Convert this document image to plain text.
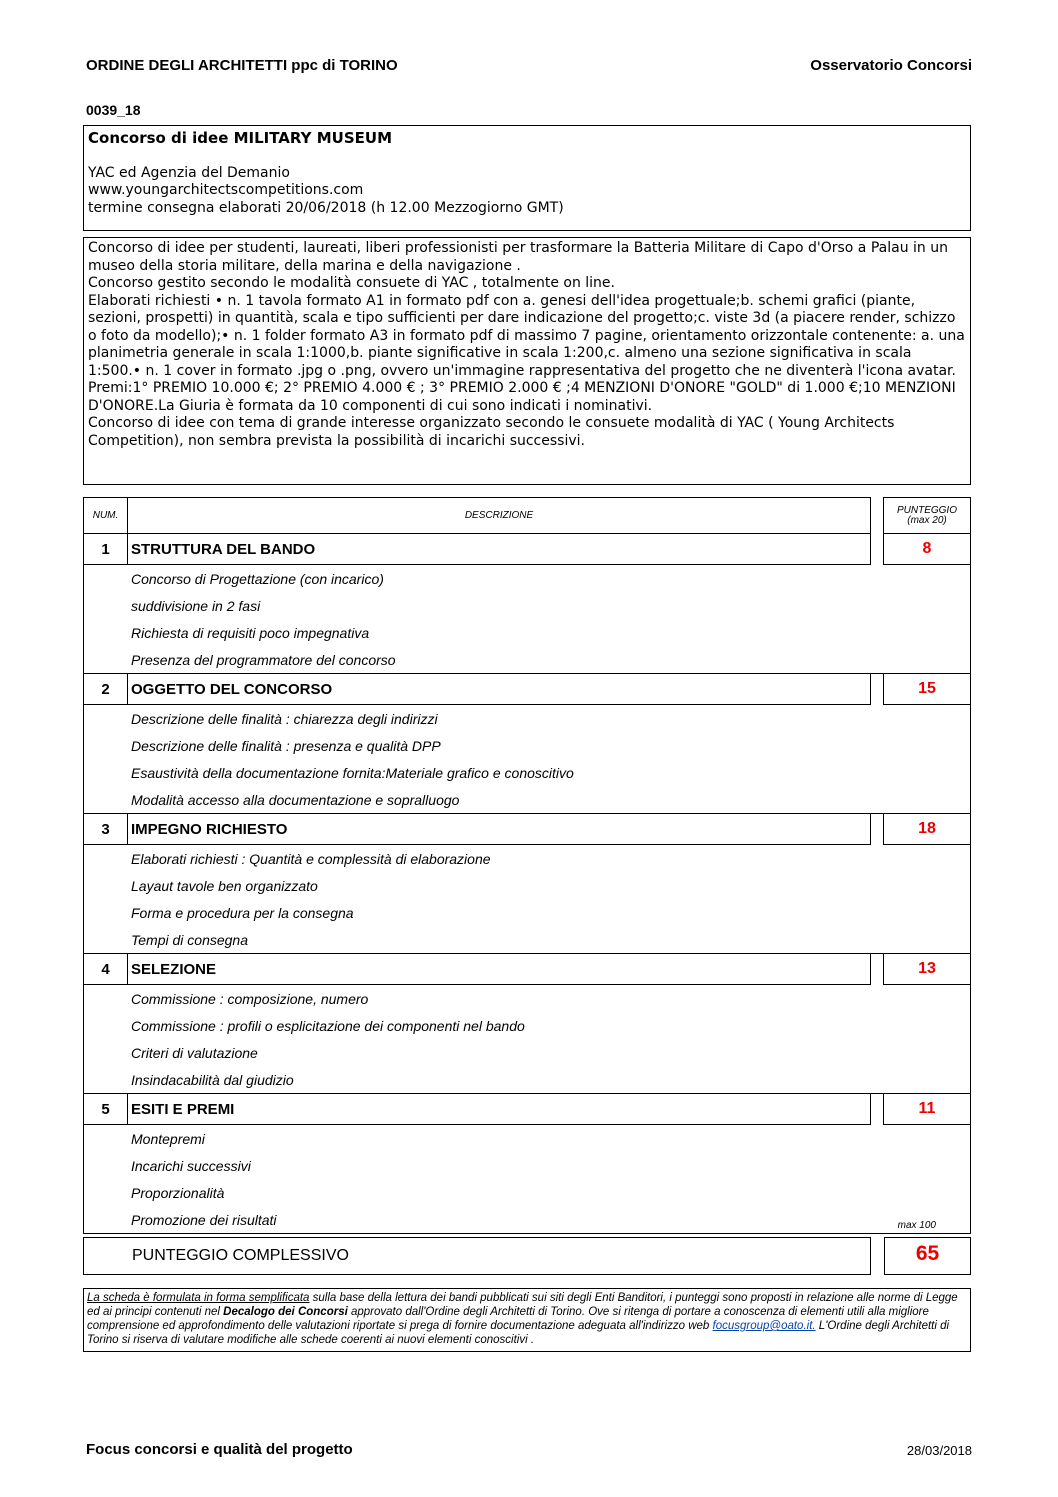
ORDINE DEGLI ARCHITETTI ppc di TORINO	Osservatorio Concorsi
0039_18
Concorso di idee MILITARY MUSEUM
YAC ed Agenzia del Demanio
www.youngarchitectscompetitions.com
termine consegna elaborati 20/06/2018 (h 12.00 Mezzogiorno GMT)

Concorso di idee per studenti, laureati, liberi professionisti per trasformare la Batteria Militare di Capo d'Orso a Palau in un museo della storia militare, della marina e della navigazione .

Concorso gestito secondo le modalità consuete di YAC , totalmente on line.

Elaborati richiesti • n. 1 tavola formato A1 in formato pdf con a. genesi dell'idea progettuale;b. schemi grafici (piante, sezioni, prospetti) in quantità, scala e tipo sufficienti per dare indicazione del progetto;c. viste 3d (a piacere render, schizzo o foto da modello);• n. 1 folder formato A3 in formato pdf di massimo 7 pagine, orientamento orizzontale contenente: a. una planimetria generale in scala 1:1000,b. piante significative in scala 1:200,c. almeno una sezione significativa in scala 1:500.• n. 1 cover in formato .jpg o .png, ovvero un'immagine rappresentativa del progetto che ne diventerà l'icona avatar.

Premi:1° PREMIO 10.000 €; 2° PREMIO 4.000 € ; 3° PREMIO 2.000 € ;4 MENZIONI D'ONORE "GOLD" di 1.000 €;10 MENZIONI D'ONORE.La Giuria è formata da 10 componenti di cui sono indicati i nominativi.

Concorso di idee con tema di grande interesse organizzato secondo le consuete modalità di YAC ( Young Architects Competition), non sembra prevista la possibilità di incarichi successivi.

NUM.	DESCRIZIONE		PUNTEGGIO
(max 20)
1	STRUTTURA DEL BANDO		8
Concorso di Progettazione (con incarico)			
suddivisione in 2 fasi			
Richiesta di requisiti poco impegnativa			
Presenza del programmatore del concorso			
2	OGGETTO DEL CONCORSO		15
Descrizione delle finalità : chiarezza degli indirizzi			
Descrizione delle finalità : presenza e qualità DPP			
Esaustività della documentazione fornita:Materiale grafico e conoscitivo			
Modalità accesso alla documentazione e sopralluogo			
3	IMPEGNO RICHIESTO		18
Elaborati richiesti : Quantità e complessità di elaborazione			
Layaut tavole ben organizzato			
Forma e procedura per la consegna			
Tempi di consegna			
4	SELEZIONE		13
Commissione : composizione, numero			
Commissione : profili o esplicitazione dei componenti nel bando			
Criteri di valutazione			
Insindacabilità dal giudizio			
5	ESITI E PREMI		11
Montepremi			
Incarichi successivi			
Proporzionalità			
Promozione dei risultati				max 100
PUNTEGGIO COMPLESSIVO	65
La scheda è formulata in forma semplificata sulla base della lettura dei bandi pubblicati sui siti degli Enti Banditori, i punteggi sono proposti in relazione alle norme di Legge ed ai principi contenuti nel Decalogo dei Concorsi approvato dall'Ordine degli Architetti di Torino. Ove si ritenga di portare a conoscenza di elementi utili alla migliore comprensione ed approfondimento delle valutazioni riportate si prega di fornire documentazione adeguata all'indirizzo web focusgroup@oato.it. L'Ordine degli Architetti di Torino si riserva di valutare modifiche alle schede coerenti ai nuovi elementi conoscitivi .
Focus concorsi e qualità del progetto	28/03/2018
